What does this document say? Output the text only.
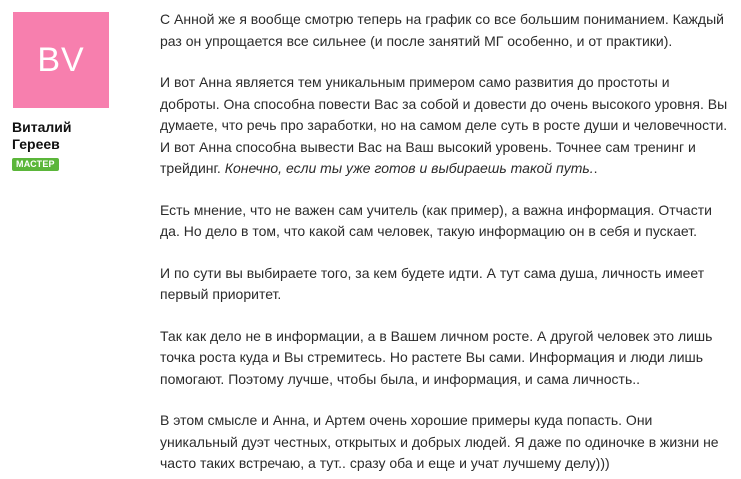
BV
Виталий
Гереев
МАСТЕР

С Анной же я вообще смотрю теперь на график со все большим пониманием. Каждый раз он упрощается все сильнее (и после занятий МГ особенно, и от практики).

И вот Анна является тем уникальным примером само развития до простоты и доброты. Она способна повести Вас за собой и довести до очень высокого уровня. Вы думаете, что речь про заработки, но на самом деле суть в росте души и человечности. И вот Анна способна вывести Вас на Ваш высокий уровень. Точнее сам тренинг и трейдинг. Конечно, если ты уже готов и выбираешь такой путь..

Есть мнение, что не важен сам учитель (как пример), а важна информация. Отчасти да. Но дело в том, что какой сам человек, такую информацию он в себя и пускает.

И по сути вы выбираете того, за кем будете идти. А тут сама душа, личность имеет первый приоритет.

Так как дело не в информации, а в Вашем личном росте. А другой человек это лишь точка роста куда и Вы стремитесь. Но растете Вы сами. Информация и люди лишь помогают. Поэтому лучше, чтобы была, и информация, и сама личность..

В этом смысле и Анна, и Артем очень хорошие примеры куда попасть. Они уникальный дуэт честных, открытых и добрых людей. Я даже по одиночке в жизни не часто таких встречаю, а тут.. сразу оба и еще и учат лучшему делу)))
